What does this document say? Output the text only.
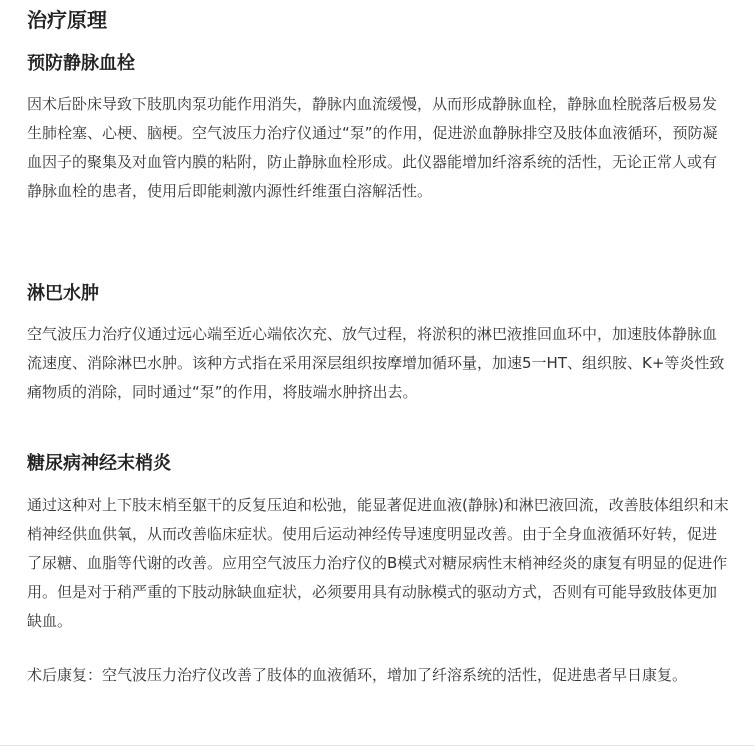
治疗原理
预防静脉血栓

因术后卧床导致下肢肌肉泵功能作用消失，静脉内血流缓慢，从而形成静脉血栓，静脉血栓脱落后极易发生肺栓塞、心梗、脑梗。空气波压力治疗仪通过“泵”的作用，促进淤血静脉排空及肢体血液循环，预防凝血因子的聚集及对血管内膜的粘附，防止静脉血栓形成。此仪器能增加纤溶系统的活性，无论正常人或有静脉血栓的患者，使用后即能刺激内源性纤维蛋白溶解活性。

淋巴水肿

空气波压力治疗仪通过远心端至近心端依次充、放气过程，将淤积的淋巴液推回血环中，加速肢体静脉血流速度、消除淋巴水肿。该种方式指在采用深层组织按摩增加循环量，加速5一HT、组织胺、K+等炎性致痛物质的消除，同时通过“泵”的作用，将肢端水肿挤出去。

糖尿病神经末梢炎

通过这种对上下肢末梢至躯干的反复压迫和松弛，能显著促进血液(静脉)和淋巴液回流，改善肢体组织和末梢神经供血供氧，从而改善临床症状。使用后运动神经传导速度明显改善。由于全身血液循环好转，促进了尿糖、血脂等代谢的改善。应用空气波压力治疗仪的B模式对糖尿病性末梢神经炎的康复有明显的促进作用。但是对于稍严重的下肢动脉缺血症状，必须要用具有动脉模式的驱动方式，否则有可能导致肢体更加缺血。

术后康复：空气波压力治疗仪改善了肢体的血液循环，增加了纤溶系统的活性，促进患者早日康复。
